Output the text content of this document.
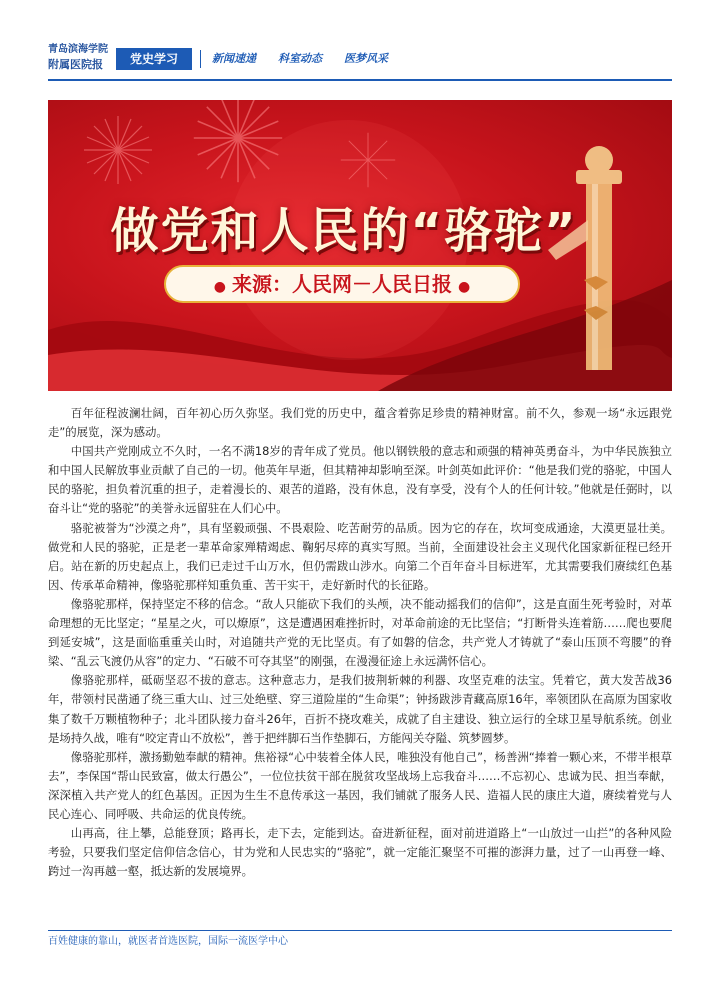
青岛滨海学院
附属医院报	党史学习	新闻速递 科室动态 医梦风采
做党和人民的“骆驼”
● 来源：人民网－人民日报 ●

百年征程波澜壮阔，百年初心历久弥坚。我们党的历史中，蕴含着弥足珍贵的精神财富。前不久，参观一场“永远跟党走”的展览，深为感动。

中国共产党刚成立不久时，一名不满18岁的青年成了党员。他以钢铁般的意志和顽强的精神英勇奋斗，为中华民族独立和中国人民解放事业贡献了自己的一切。他英年早逝，但其精神却影响至深。叶剑英如此评价：“他是我们党的骆驼，中国人民的骆驼，担负着沉重的担子，走着漫长的、艰苦的道路，没有休息，没有享受，没有个人的任何计较。”他就是任弼时，以奋斗让“党的骆驼”的美誉永远留驻在人们心中。

骆驼被誉为“沙漠之舟”，具有坚毅顽强、不畏艰险、吃苦耐劳的品质。因为它的存在，坎坷变成通途，大漠更显壮美。做党和人民的骆驼，正是老一辈革命家殚精竭虑、鞠躬尽瘁的真实写照。当前，全面建设社会主义现代化国家新征程已经开启。站在新的历史起点上，我们已走过千山万水，但仍需跋山涉水。向第二个百年奋斗目标进军，尤其需要我们赓续红色基因、传承革命精神，像骆驼那样知重负重、苦干实干，走好新时代的长征路。

像骆驼那样，保持坚定不移的信念。“敌人只能砍下我们的头颅，决不能动摇我们的信仰”，这是直面生死考验时，对革命理想的无比坚定；“星星之火，可以燎原”，这是遭遇困难挫折时，对革命前途的无比坚信；“打断骨头连着筋……爬也要爬到延安城”，这是面临重重关山时，对追随共产党的无比坚贞。有了如磐的信念，共产党人才铸就了“泰山压顶不弯腰”的脊梁、“乱云飞渡仍从容”的定力、“石破不可夺其坚”的刚强，在漫漫征途上永远满怀信心。

像骆驼那样，砥砺坚忍不拔的意志。这种意志力，是我们披荆斩棘的利器、攻坚克难的法宝。凭着它，黄大发苦战36年，带领村民凿通了绕三重大山、过三处绝壁、穿三道险崖的“生命渠”；钟扬跋涉青藏高原16年，率领团队在高原为国家收集了数千万颗植物种子；北斗团队接力奋斗26年，百折不挠攻难关，成就了自主建设、独立运行的全球卫星导航系统。创业是场持久战，唯有“咬定青山不放松”，善于把绊脚石当作垫脚石，方能闯关夺隘、筑梦圆梦。

像骆驼那样，激扬勤勉奉献的精神。焦裕禄“心中装着全体人民，唯独没有他自己”，杨善洲“捧着一颗心来，不带半根草去”，李保国“帮山民致富，做太行愚公”，一位位扶贫干部在脱贫攻坚战场上忘我奋斗……不忘初心、忠诚为民、担当奉献，深深植入共产党人的红色基因。正因为生生不息传承这一基因，我们铺就了服务人民、造福人民的康庄大道，赓续着党与人民心连心、同呼吸、共命运的优良传统。

山再高，往上攀，总能登顶；路再长，走下去，定能到达。奋进新征程，面对前进道路上“一山放过一山拦”的各种风险考验，只要我们坚定信仰信念信心，甘为党和人民忠实的“骆驼”，就一定能汇聚坚不可摧的澎湃力量，过了一山再登一峰、跨过一沟再越一壑，抵达新的发展境界。

百姓健康的靠山，就医者首选医院，国际一流医学中心
